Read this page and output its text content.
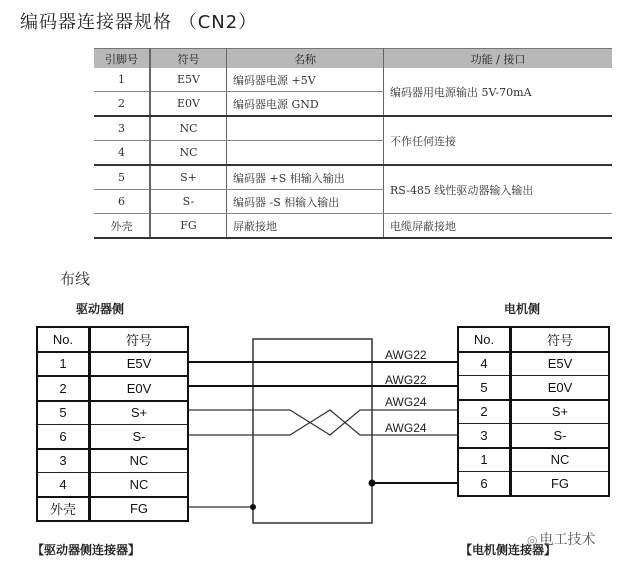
编码器连接器规格 （CN2）
引脚号	符号	名称	功能 / 接口
1	E5V	编码器电源 +5V	编码器用电源输出 5V-70mA
2	E0V	编码器电源 GND	
3	NC		不作任何连接
4	NC		
5	S+	编码器 +S 相输入输出	RS-485 线性驱动器输入输出
6	S-	编码器 -S 相输入输出	
外壳	FG	屏蔽接地	电缆屏蔽接地
布线
驱动器侧	电机侧
AWG22
AWG22
AWG24
AWG24
No.	符号
1	E5V
2	E0V
5	S+
6	S-
3	NC
4	NC
外壳	FG
No.	符号
4	E5V
5	E0V
2	S+
3	S-
1	NC
6	FG
【驱动器侧连接器】	【电机侧连接器】
◎ 电工技术
